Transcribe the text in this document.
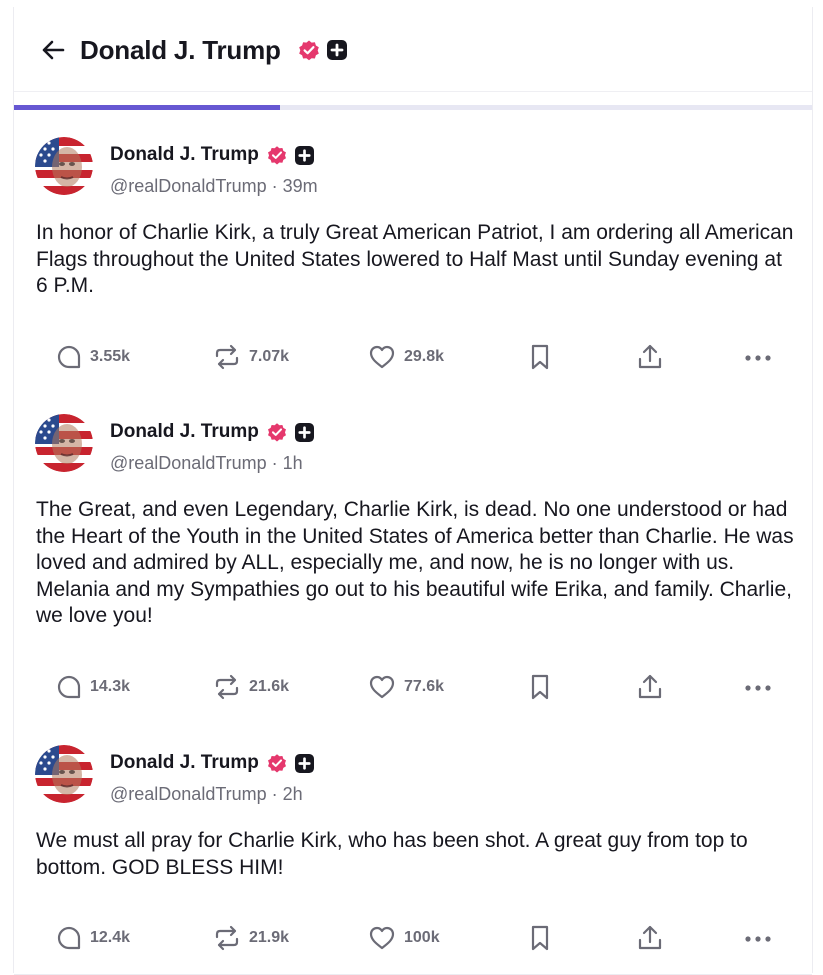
Donald J. Trump
Donald J. Trump
@realDonaldTrump · 39m
In honor of Charlie Kirk, a truly Great American Patriot, I am ordering all American Flags throughout the United States lowered to Half Mast until Sunday evening at 6 P.M.
3.55k	7.07k	29.8k
Donald J. Trump
@realDonaldTrump · 1h
The Great, and even Legendary, Charlie Kirk, is dead. No one understood or had the Heart of the Youth in the United States of America better than Charlie. He was loved and admired by ALL, especially me, and now, he is no longer with us. Melania and my Sympathies go out to his beautiful wife Erika, and family. Charlie, we love you!
14.3k	21.6k	77.6k
Donald J. Trump
@realDonaldTrump · 2h
We must all pray for Charlie Kirk, who has been shot. A great guy from top to bottom. GOD BLESS HIM!
12.4k	21.9k	100k
